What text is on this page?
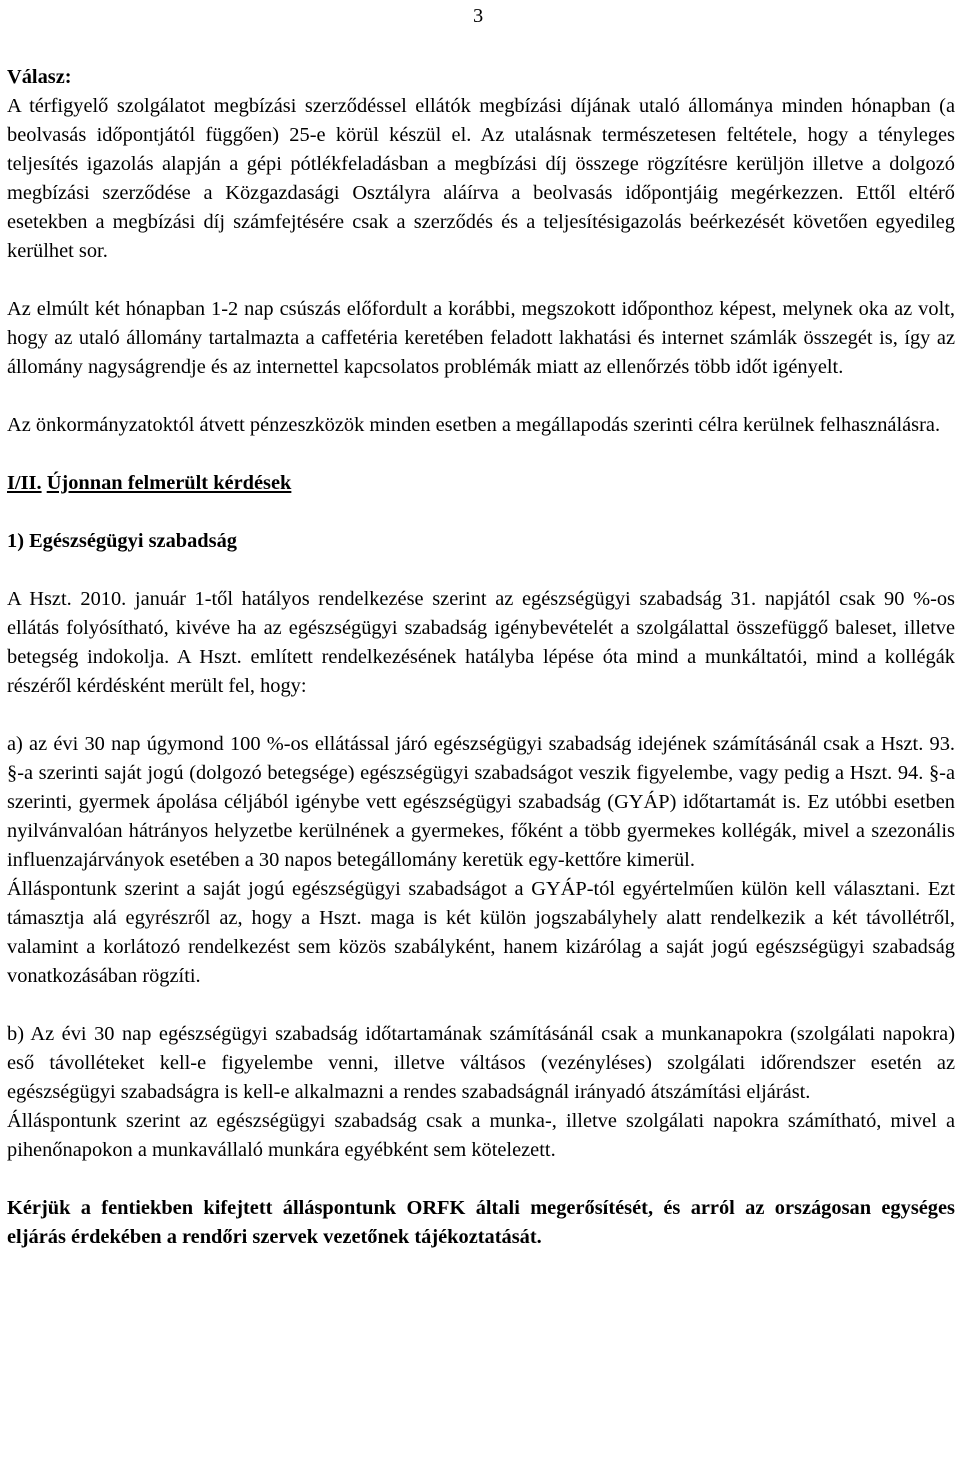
3

Válasz:

A térfigyelő szolgálatot megbízási szerződéssel ellátók megbízási díjának utaló állománya minden hónapban (a beolvasás időpontjától függően) 25-e körül készül el. Az utalásnak természetesen feltétele, hogy a tényleges teljesítés igazolás alapján a gépi pótlékfeladásban a megbízási díj összege rögzítésre kerüljön illetve a dolgozó megbízási szerződése a Közgazdasági Osztályra aláírva a beolvasás időpontjáig megérkezzen. Ettől eltérő esetekben a megbízási díj számfejtésére csak a szerződés és a teljesítésigazolás beérkezését követően egyedileg kerülhet sor.

Az elmúlt két hónapban 1-2 nap csúszás előfordult a korábbi, megszokott időponthoz képest, melynek oka az volt, hogy az utaló állomány tartalmazta a caffetéria keretében feladott lakhatási és internet számlák összegét is, így az állomány nagyságrendje és az internettel kapcsolatos problémák miatt az ellenőrzés több időt igényelt.

Az önkormányzatoktól átvett pénzeszközök minden esetben a megállapodás szerinti célra kerülnek felhasználásra.

I/II. Újonnan felmerült kérdések

1) Egészségügyi szabadság

A Hszt. 2010. január 1-től hatályos rendelkezése szerint az egészségügyi szabadság 31. napjától csak 90 %-os ellátás folyósítható, kivéve ha az egészségügyi szabadság igénybevételét a szolgálattal összefüggő baleset, illetve betegség indokolja. A Hszt. említett rendelkezésének hatályba lépése óta mind a munkáltatói, mind a kollégák részéről kérdésként merült fel, hogy:

a) az évi 30 nap úgymond 100 %-os ellátással járó egészségügyi szabadság idejének számításánál csak a Hszt. 93. §-a szerinti saját jogú (dolgozó betegsége) egészségügyi szabadságot veszik figyelembe, vagy pedig a Hszt. 94. §-a szerinti, gyermek ápolása céljából igénybe vett egészségügyi szabadság (GYÁP) időtartamát is. Ez utóbbi esetben nyilvánvalóan hátrányos helyzetbe kerülnének a gyermekes, főként a több gyermekes kollégák, mivel a szezonális influenzajárványok esetében a 30 napos betegállomány keretük egy-kettőre kimerül.

Álláspontunk szerint a saját jogú egészségügyi szabadságot a GYÁP-tól egyértelműen külön kell választani. Ezt támasztja alá egyrészről az, hogy a Hszt. maga is két külön jogszabályhely alatt rendelkezik a két távollétről, valamint a korlátozó rendelkezést sem közös szabályként, hanem kizárólag a saját jogú egészségügyi szabadság vonatkozásában rögzíti.

b) Az évi 30 nap egészségügyi szabadság időtartamának számításánál csak a munkanapokra (szolgálati napokra) eső távolléteket kell-e figyelembe venni, illetve váltásos (vezényléses) szolgálati időrendszer esetén az egészségügyi szabadságra is kell-e alkalmazni a rendes szabadságnál irányadó átszámítási eljárást.

Álláspontunk szerint az egészségügyi szabadság csak a munka-, illetve szolgálati napokra számítható, mivel a pihenőnapokon a munkavállaló munkára egyébként sem kötelezett.

Kérjük a fentiekben kifejtett álláspontunk ORFK általi megerősítését, és arról az országosan egységes eljárás érdekében a rendőri szervek vezetőnek tájékoztatását.
